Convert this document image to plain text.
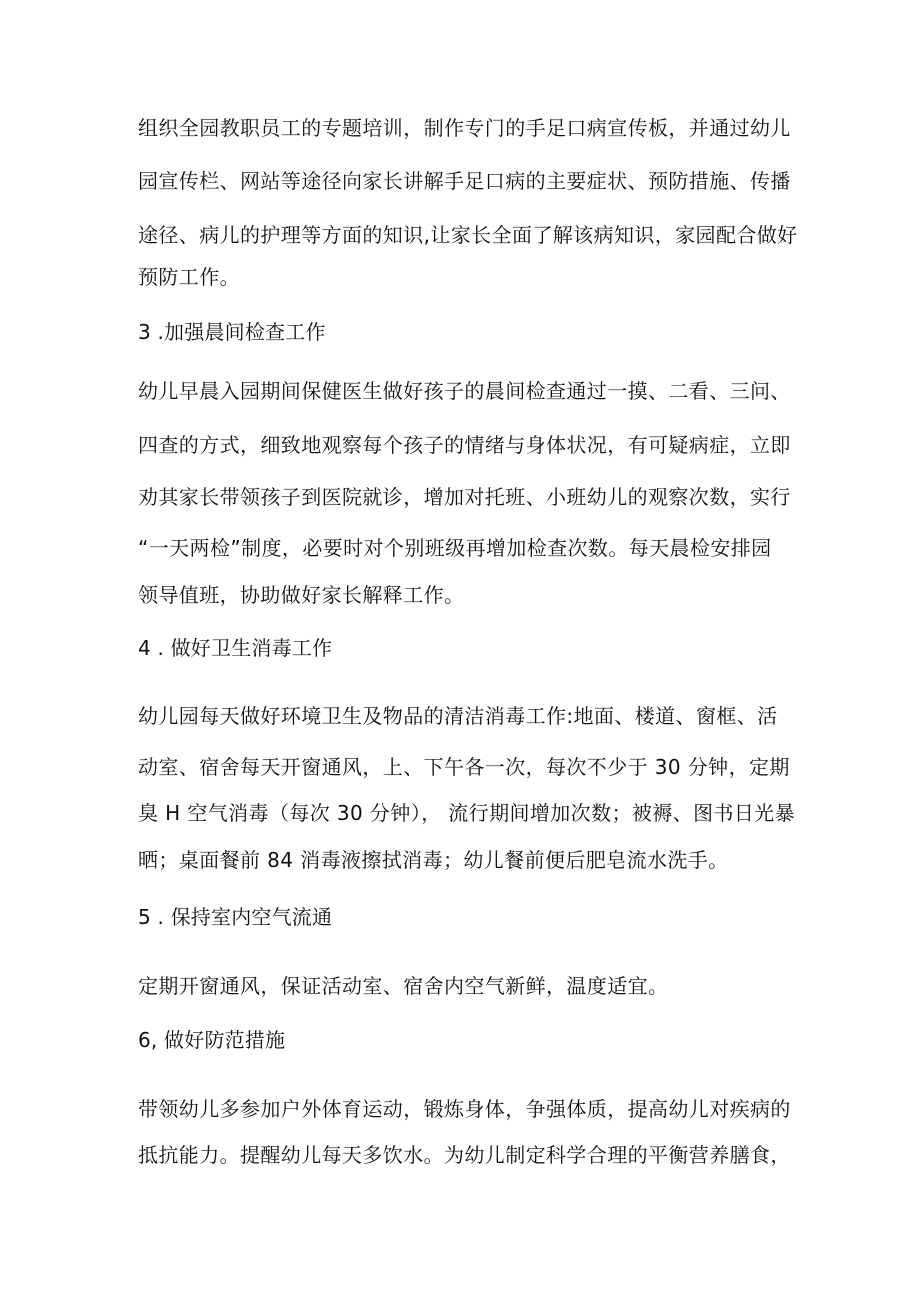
组织全园教职员工的专题培训，制作专门的手足口病宣传板，并通过幼儿
园宣传栏、网站等途径向家长讲解手足口病的主要症状、预防措施、传播
途径、病儿的护理等方面的知识,让家长全面了解该病知识，家园配合做好
预防工作。
3 .加强晨间检查工作
幼儿早晨入园期间保健医生做好孩子的晨间检查通过一摸、二看、三问、
四查的方式，细致地观察每个孩子的情绪与身体状况，有可疑病症，立即
劝其家长带领孩子到医院就诊，增加对托班、小班幼儿的观察次数，实行
“一天两检”制度，必要时对个别班级再增加检查次数。每天晨检安排园
领导值班，协助做好家长解释工作。
4 . 做好卫生消毒工作
幼儿园每天做好环境卫生及物品的清洁消毒工作:地面、楼道、窗框、活
动室、宿舍每天开窗通风，上、下午各一次，每次不少于 30 分钟，定期
臭 H 空气消毒（每次 30 分钟）， 流行期间增加次数；被褥、图书日光暴
晒；桌面餐前 84 消毒液擦拭消毒；幼儿餐前便后肥皂流水洗手。
5 . 保持室内空气流通
定期开窗通风，保证活动室、宿舍内空气新鲜，温度适宜。
6, 做好防范措施
带领幼儿多参加户外体育运动，锻炼身体，争强体质，提高幼儿对疾病的
抵抗能力。提醒幼儿每天多饮水。为幼儿制定科学合理的平衡营养膳食，
